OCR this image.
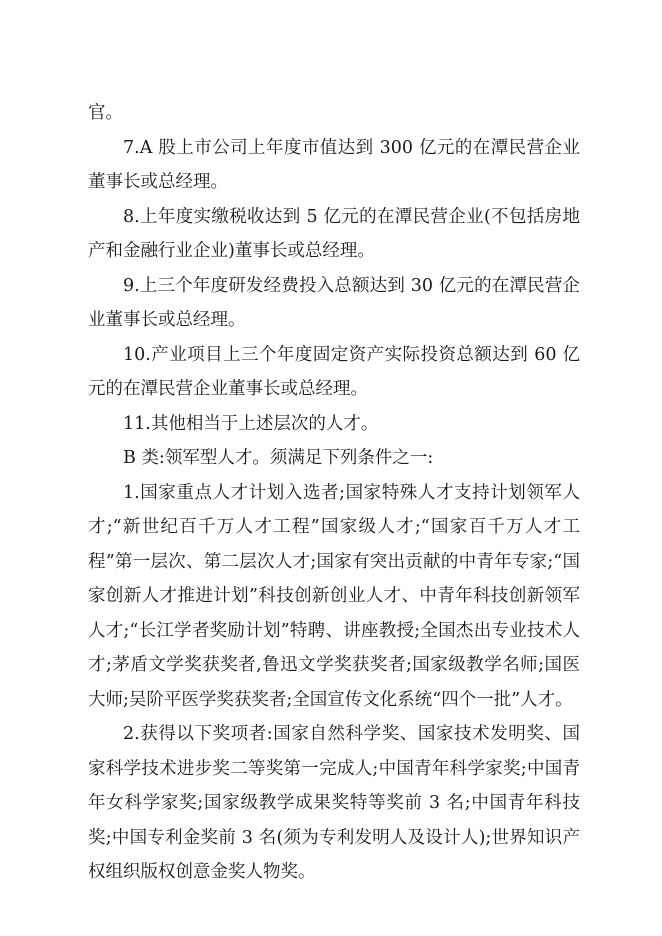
官。

7.A 股上市公司上年度市值达到 300 亿元的在潭民营企业董事长或总经理。

8.上年度实缴税收达到 5 亿元的在潭民营企业(不包括房地产和金融行业企业)董事长或总经理。

9.上三个年度研发经费投入总额达到 30 亿元的在潭民营企业董事长或总经理。

10.产业项目上三个年度固定资产实际投资总额达到 60 亿元的在潭民营企业董事长或总经理。

11.其他相当于上述层次的人才。

B 类:领军型人才。须满足下列条件之一:

1.国家重点人才计划入选者;国家特殊人才支持计划领军人才;“新世纪百千万人才工程”国家级人才;“国家百千万人才工程”第一层次、第二层次人才;国家有突出贡献的中青年专家;“国家创新人才推进计划”科技创新创业人才、中青年科技创新领军人才;“长江学者奖励计划”特聘、讲座教授;全国杰出专业技术人才;茅盾文学奖获奖者,鲁迅文学奖获奖者;国家级教学名师;国医大师;吴阶平医学奖获奖者;全国宣传文化系统“四个一批”人才。

2.获得以下奖项者:国家自然科学奖、国家技术发明奖、国家科学技术进步奖二等奖第一完成人;中国青年科学家奖;中国青年女科学家奖;国家级教学成果奖特等奖前 3 名;中国青年科技奖;中国专利金奖前 3 名(须为专利发明人及设计人);世界知识产权组织版权创意金奖人物奖。
